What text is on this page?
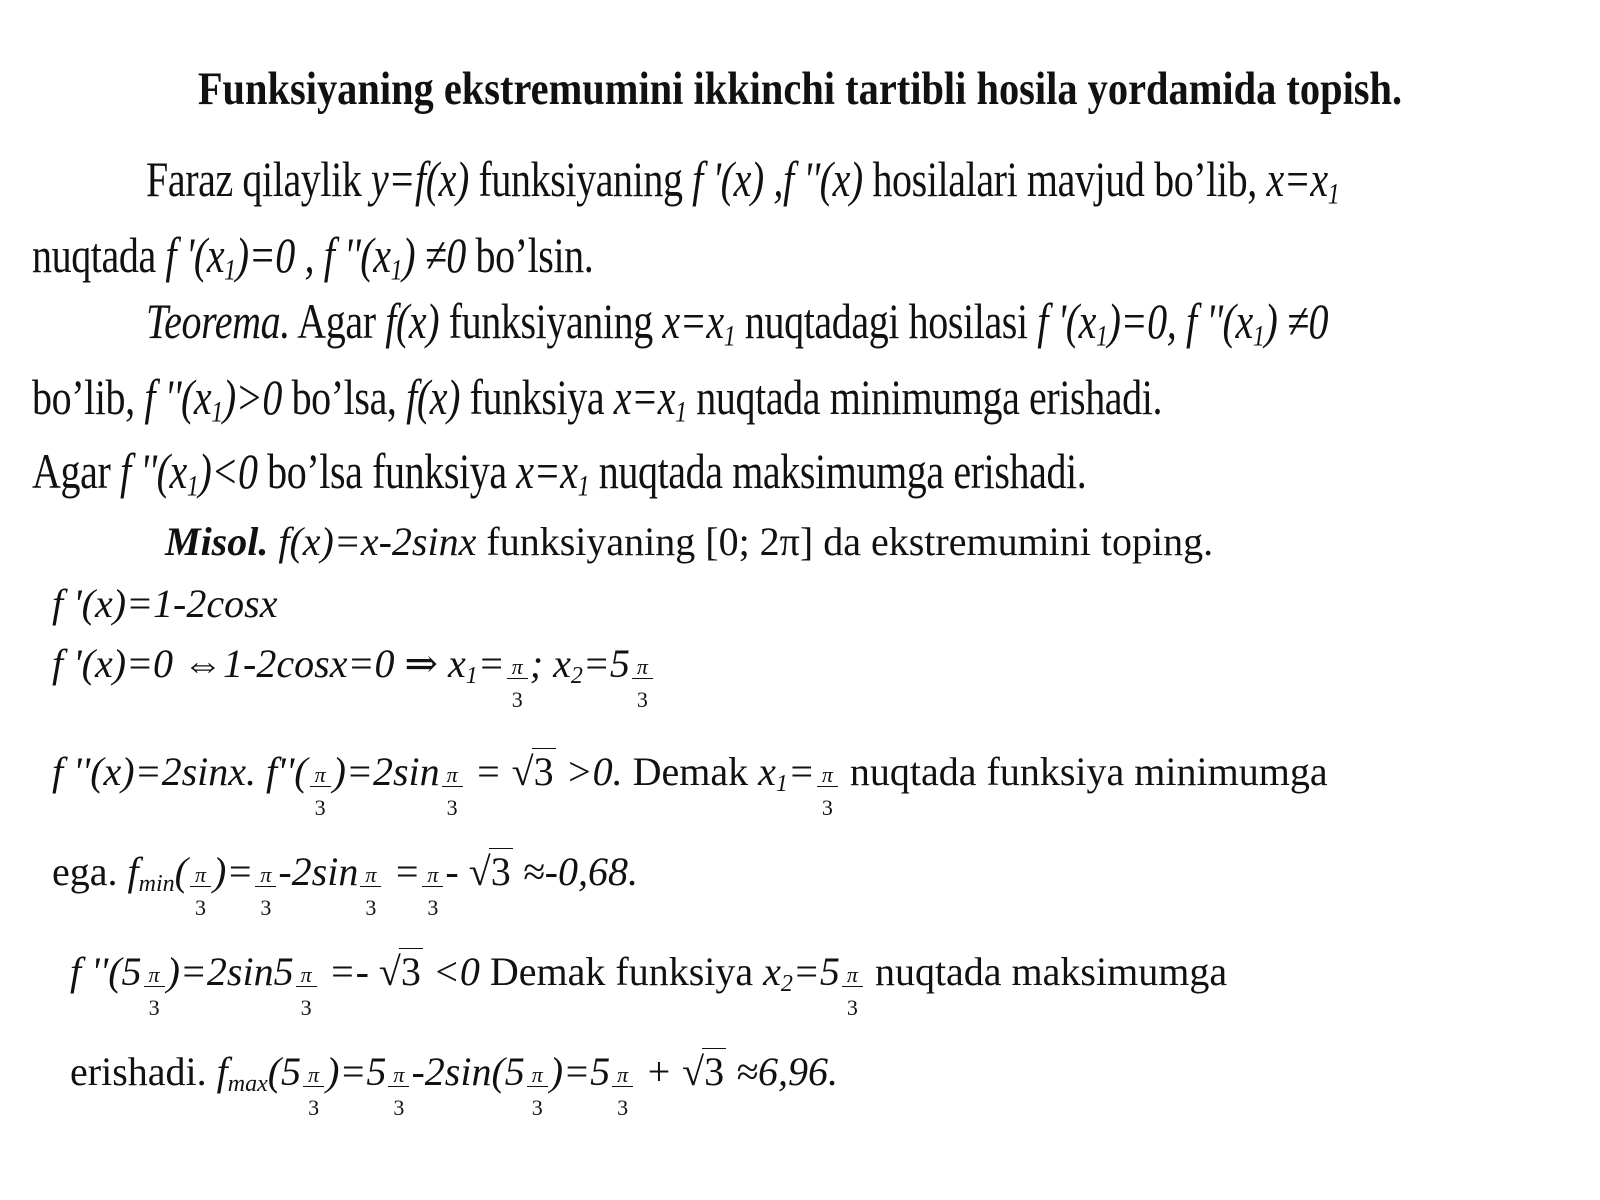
Funksiyaning ekstremumini ikkinchi tartibli hosila yordamida topish.
Faraz qilaylik y=f(x) funksiyaning f '(x) ,f ''(x) hosilalari mavjud bo’lib, $x=x_1$
nuqtada f '$(x_1)=0$ , f ''$(x_1) \ne 0$ bo’lsin.
Teorema. Agar f(x) funksiyaning $x=x_1$ nuqtadagi hosilasi f '$(x_1)=0$, f ''$(x_1) \ne 0$
bo’lib, f ''$(x_1)>0$ bo’lsa, f(x) funksiya $x=x_1$ nuqtada minimumga erishadi.
Agar f ''$(x_1)<0$ bo’lsa funksiya $x=x_1$ nuqtada maksimumga erishadi.
Misol. f(x)=x-2sinx funksiyaning [0; 2π] da ekstremumini toping.
f '(x)=1-2cosx
f '(x)=0 ⇔1-2cosx=0 ⇒ $x_1= \frac{\pi}{3}$ ; $x_2=5 \frac{\pi}{3}$
f ''(x)=2sinx. $f''( \frac{\pi}{3} )=2\sin \frac{\pi}{3} = √3 >0$. Demak $x_1= \frac{\pi}{3}$ nuqtada funksiya minimumga
ega. $f_{min}( \frac{\pi}{3}$ )= $\frac{\pi}{3} -2\sin \frac{\pi}{3} = \frac{\pi}{3} - √3 \approx-0,68$.
f ''$(5 \frac{\pi}{3} )=2\sin 5 \frac{\pi}{3} =- √3 <0$ Demak funksiya $x_2=5 \frac{\pi}{3}$ nuqtada maksimumga
erishadi. $f_{max}(5 \frac{\pi}{3} )=5 \frac{\pi}{3} -2\sin(5 \frac{\pi}{3} )=5 \frac{\pi}{3} + √3 \approx 6,96$.
